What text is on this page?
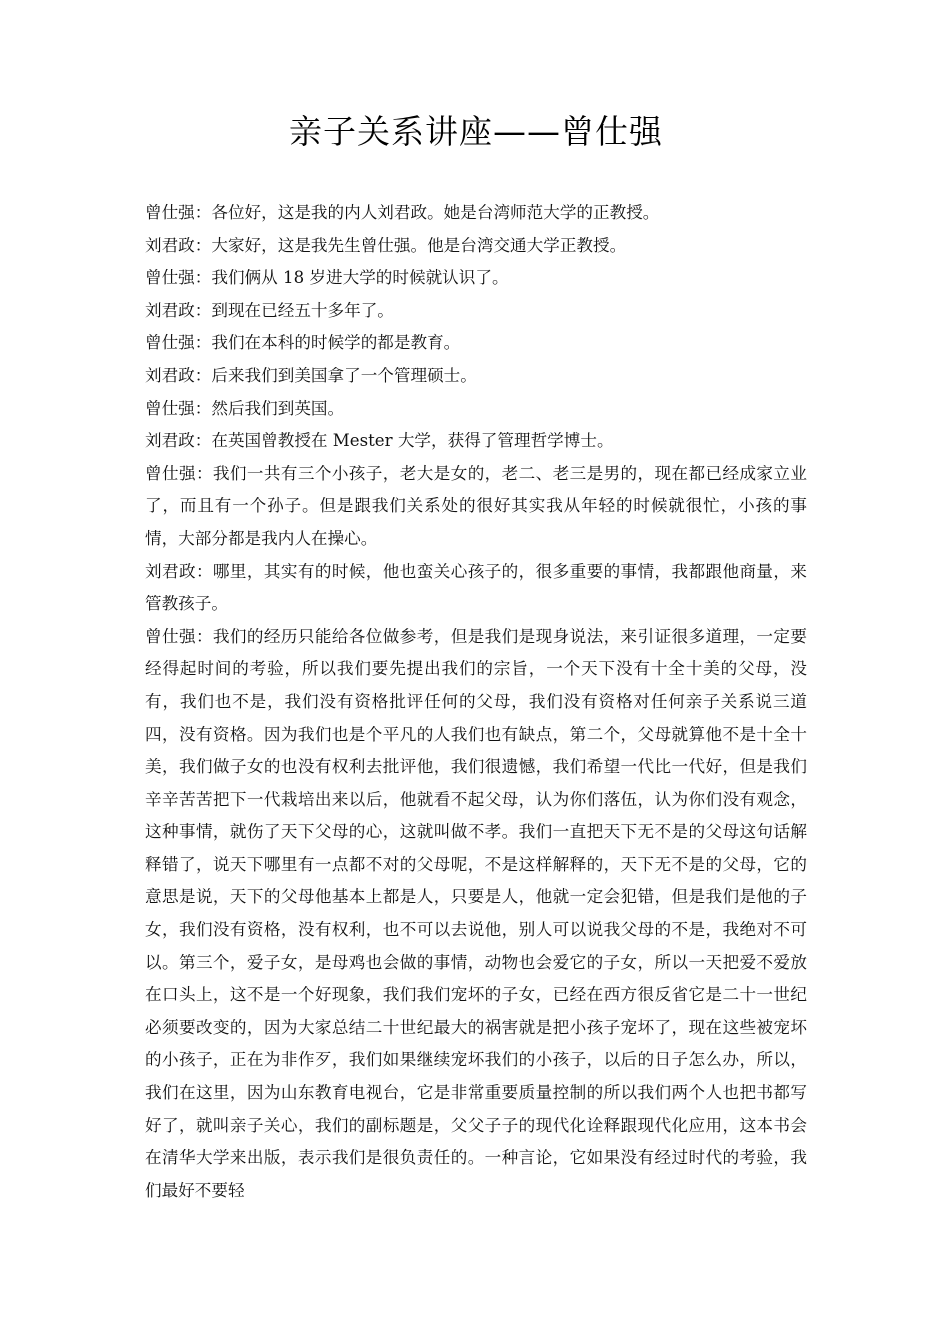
亲子关系讲座——曾仕强

曾仕强：各位好，这是我的内人刘君政。她是台湾师范大学的正教授。

刘君政：大家好，这是我先生曾仕强。他是台湾交通大学正教授。

曾仕强：我们俩从 18 岁进大学的时候就认识了。

刘君政：到现在已经五十多年了。

曾仕强：我们在本科的时候学的都是教育。

刘君政：后来我们到美国拿了一个管理硕士。

曾仕强：然后我们到英国。

刘君政：在英国曾教授在 Mester 大学，获得了管理哲学博士。

曾仕强：我们一共有三个小孩子，老大是女的，老二、老三是男的，现在都已经成家立业了，而且有一个孙子。但是跟我们关系处的很好其实我从年轻的时候就很忙，小孩的事情，大部分都是我内人在操心。

刘君政：哪里，其实有的时候，他也蛮关心孩子的，很多重要的事情，我都跟他商量，来管教孩子。

曾仕强：我们的经历只能给各位做参考，但是我们是现身说法，来引证很多道理，一定要经得起时间的考验，所以我们要先提出我们的宗旨，一个天下没有十全十美的父母，没有，我们也不是，我们没有资格批评任何的父母，我们没有资格对任何亲子关系说三道四，没有资格。因为我们也是个平凡的人我们也有缺点，第二个，父母就算他不是十全十美，我们做子女的也没有权利去批评他，我们很遗憾，我们希望一代比一代好，但是我们辛辛苦苦把下一代栽培出来以后，他就看不起父母，认为你们落伍，认为你们没有观念，这种事情，就伤了天下父母的心，这就叫做不孝。我们一直把天下无不是的父母这句话解释错了，说天下哪里有一点都不对的父母呢，不是这样解释的，天下无不是的父母，它的意思是说，天下的父母他基本上都是人，只要是人，他就一定会犯错，但是我们是他的子女，我们没有资格，没有权利，也不可以去说他，别人可以说我父母的不是，我绝对不可以。第三个，爱子女，是母鸡也会做的事情，动物也会爱它的子女，所以一天把爱不爱放在口头上，这不是一个好现象，我们我们宠坏的子女，已经在西方很反省它是二十一世纪必须要改变的，因为大家总结二十世纪最大的祸害就是把小孩子宠坏了，现在这些被宠坏的小孩子，正在为非作歹，我们如果继续宠坏我们的小孩子，以后的日子怎么办，所以，我们在这里，因为山东教育电视台，它是非常重要质量控制的所以我们两个人也把书都写好了，就叫亲子关心，我们的副标题是，父父子子的现代化诠释跟现代化应用，这本书会在清华大学来出版，表示我们是很负责任的。一种言论，它如果没有经过时代的考验，我们最好不要轻
